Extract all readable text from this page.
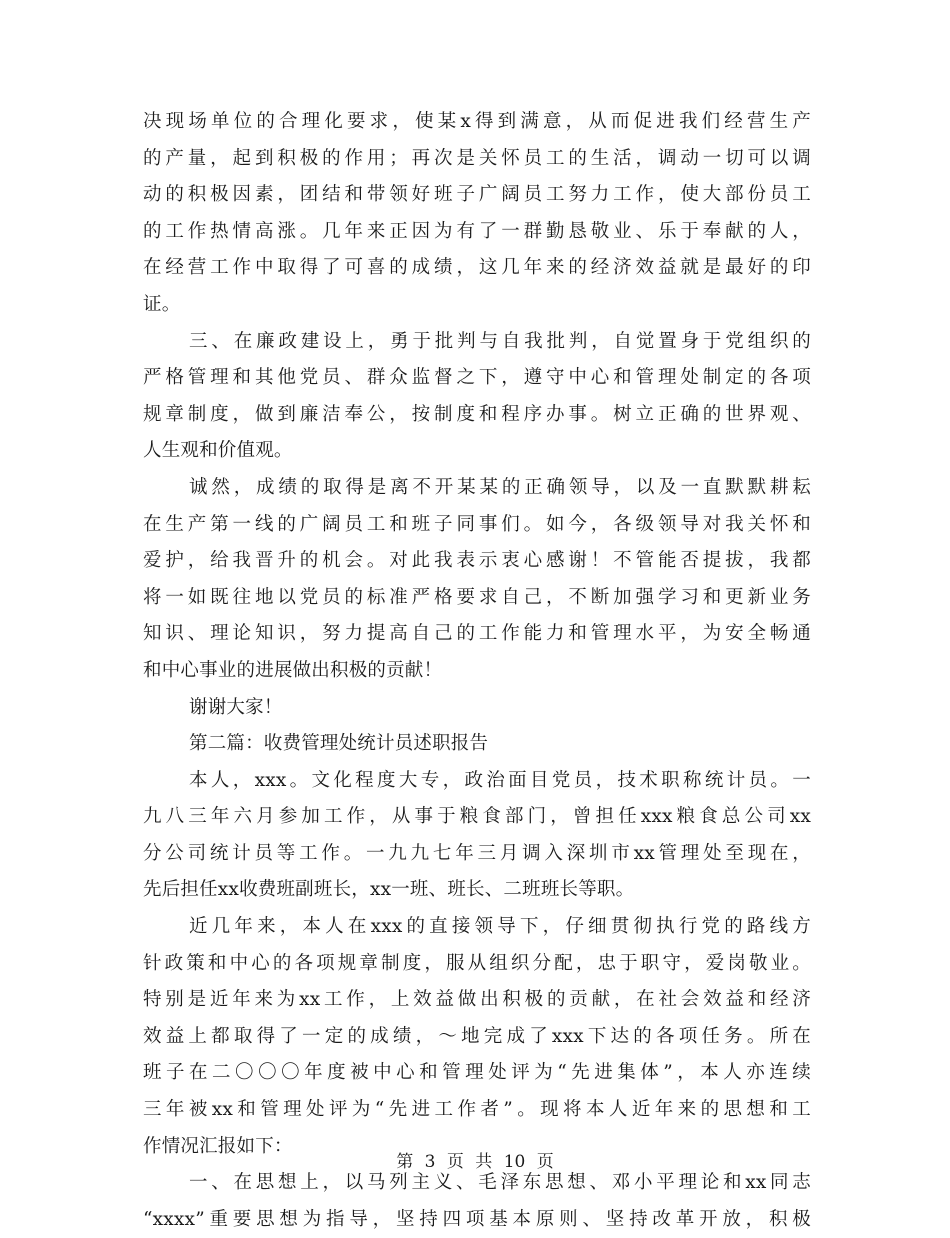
决现场单位的合理化要求，使某x得到满意，从而促进我们经营生产
的产量，起到积极的作用；再次是关怀员工的生活，调动一切可以调
动的积极因素，团结和带领好班子广阔员工努力工作，使大部份员工
的工作热情高涨。几年来正因为有了一群勤恳敬业、乐于奉献的人，
在经营工作中取得了可喜的成绩，这几年来的经济效益就是最好的印
证。
三、在廉政建设上，勇于批判与自我批判，自觉置身于党组织的
严格管理和其他党员、群众监督之下，遵守中心和管理处制定的各项
规章制度，做到廉洁奉公，按制度和程序办事。树立正确的世界观、
人生观和价值观。
诚然，成绩的取得是离不开某某的正确领导，以及一直默默耕耘
在生产第一线的广阔员工和班子同事们。如今，各级领导对我关怀和
爱护，给我晋升的机会。对此我表示衷心感谢！不管能否提拔，我都
将一如既往地以党员的标准严格要求自己，不断加强学习和更新业务
知识、理论知识，努力提高自己的工作能力和管理水平，为安全畅通
和中心事业的进展做出积极的贡献！
谢谢大家！
第二篇：收费管理处统计员述职报告
本人，xxx。文化程度大专，政治面目党员，技术职称统计员。一
九八三年六月参加工作，从事于粮食部门，曾担任xxx粮食总公司xx
分公司统计员等工作。一九九七年三月调入深圳市xx管理处至现在，
先后担任xx收费班副班长，xx一班、班长、二班班长等职。
近几年来，本人在xxx的直接领导下，仔细贯彻执行党的路线方
针政策和中心的各项规章制度，服从组织分配，忠于职守，爱岗敬业。
特别是近年来为xx工作，上效益做出积极的贡献，在社会效益和经济
效益上都取得了一定的成绩，～地完成了xxx下达的各项任务。所在
班子在二〇〇〇年度被中心和管理处评为“先进集体”，本人亦连续
三年被xx和管理处评为“先进工作者”。现将本人近年来的思想和工
作情况汇报如下：
一、在思想上，以马列主义、毛泽东思想、邓小平理论和xx同志
“xxxx”重要思想为指导，坚持四项基本原则、坚持改革开放，积极
第 3 页 共 10 页
